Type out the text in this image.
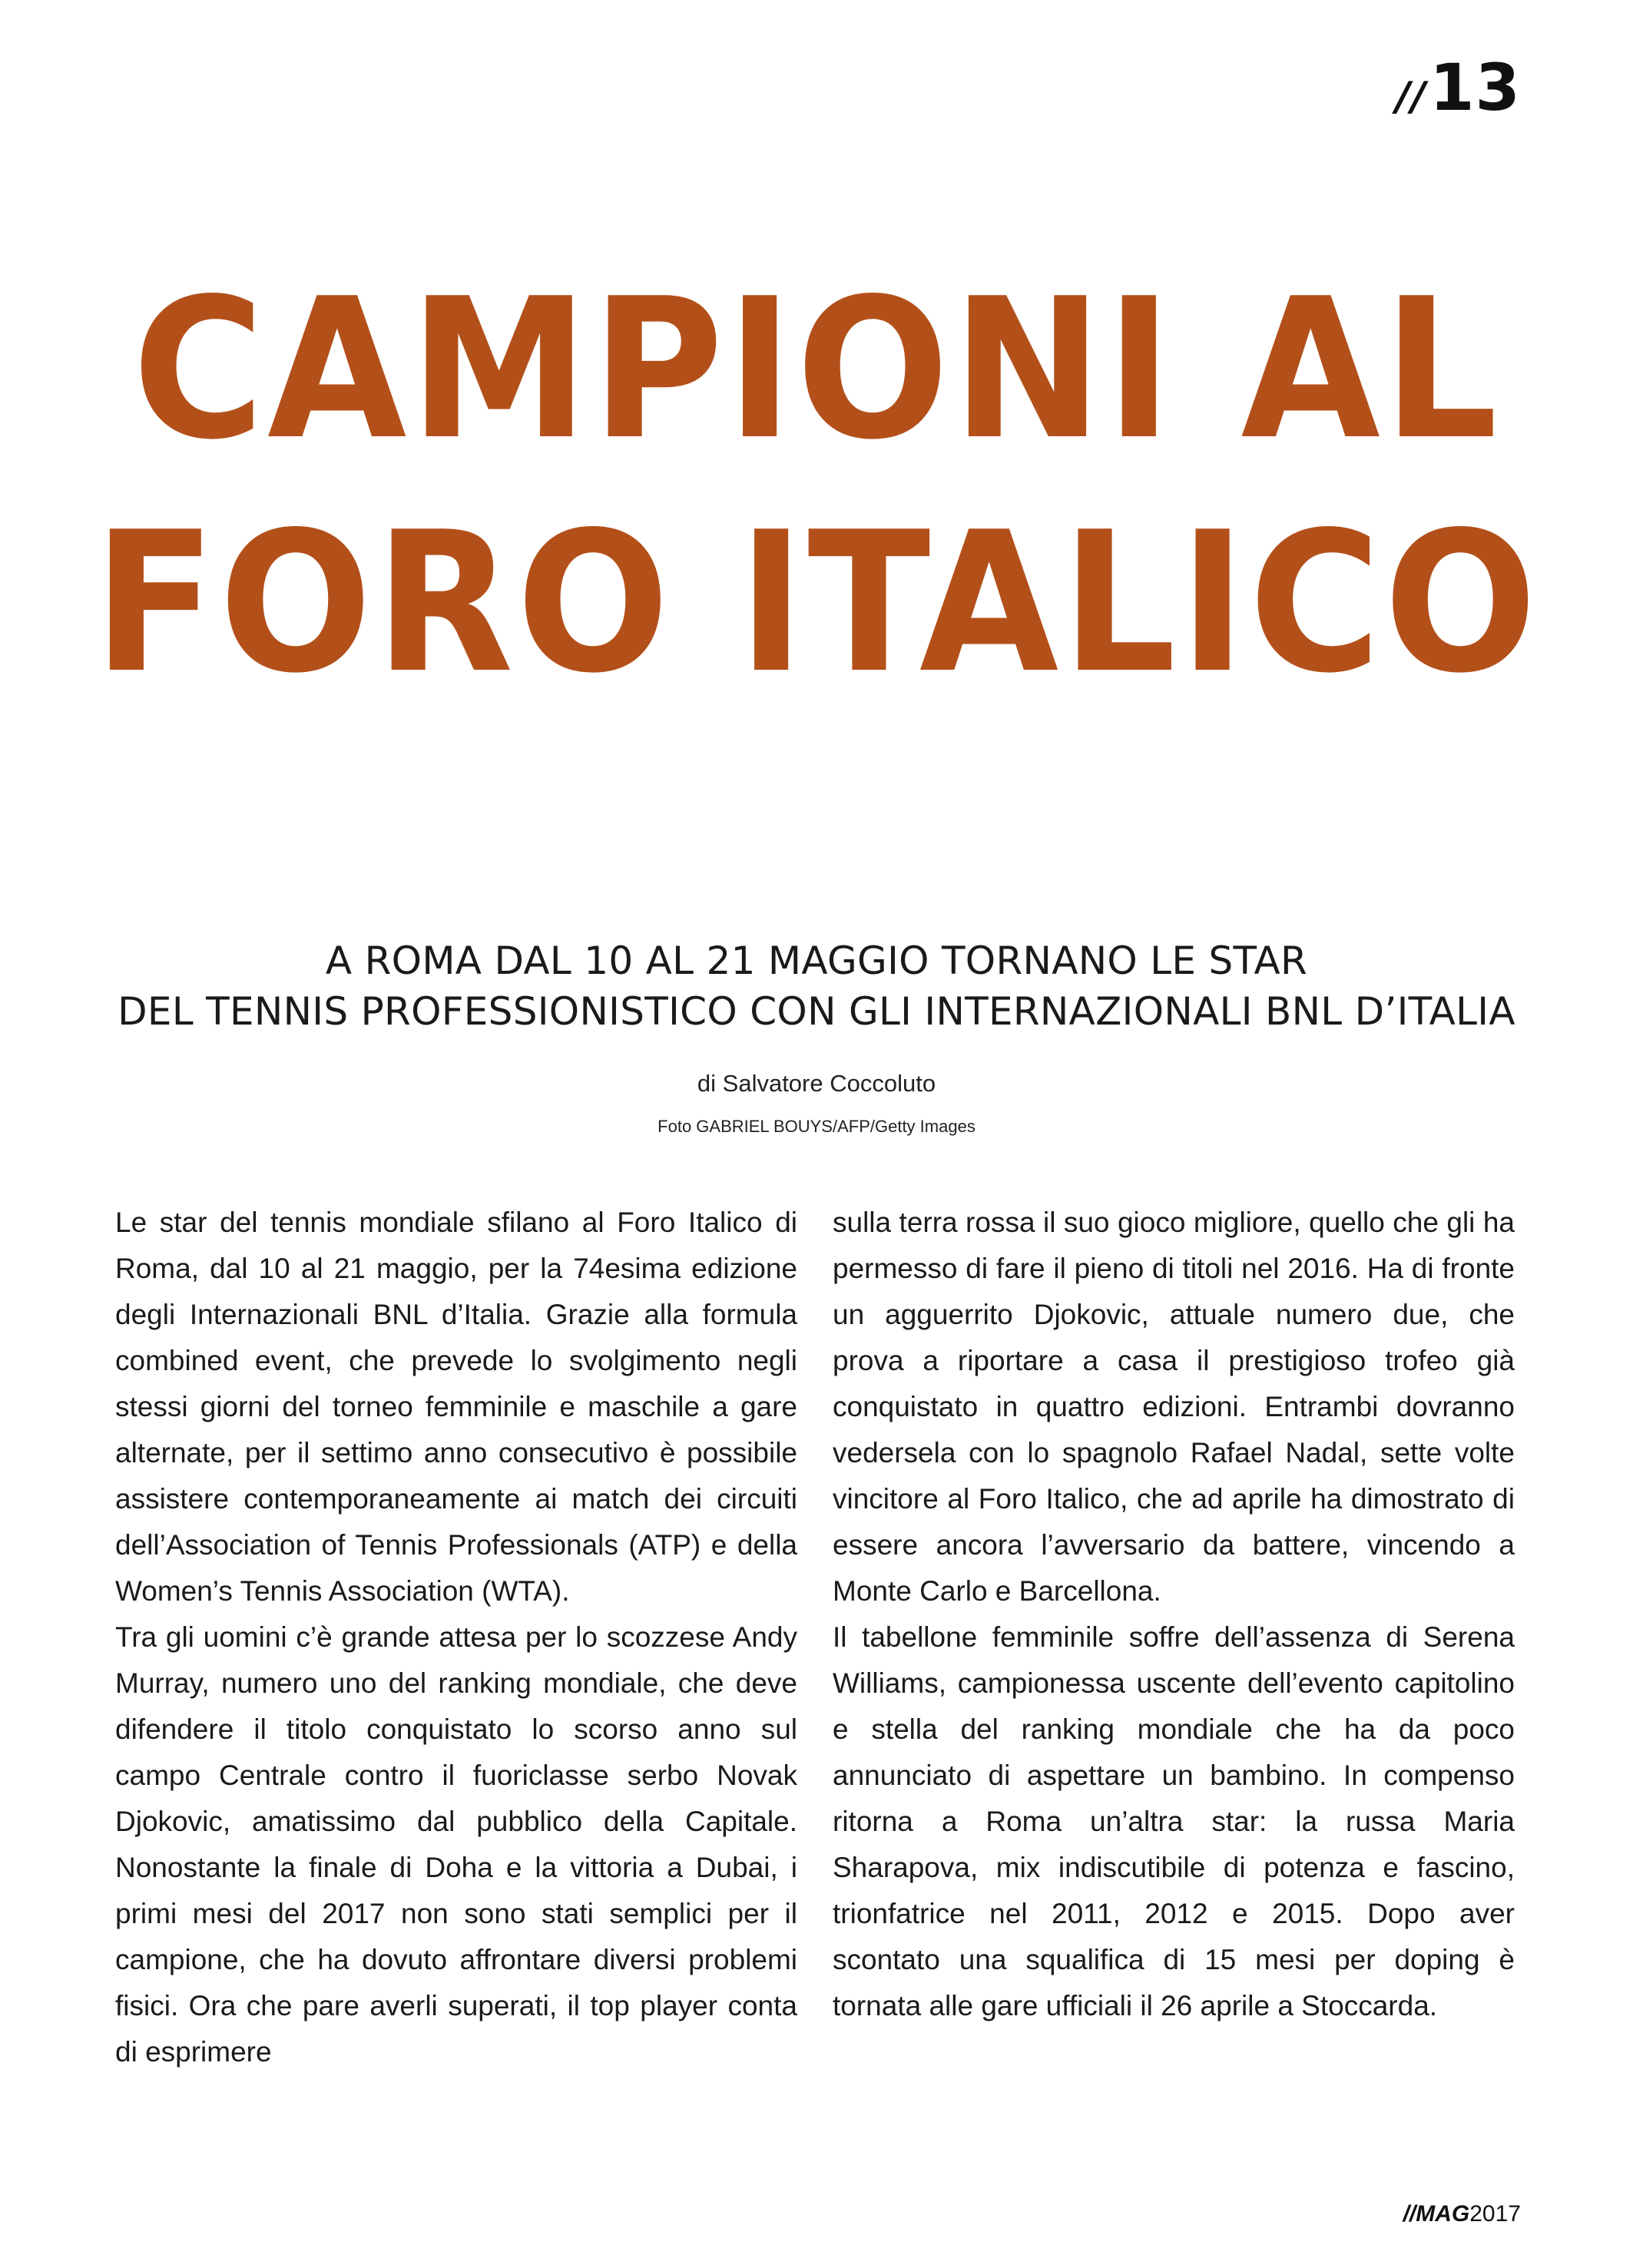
//13
CAMPIONI AL
FORO ITALICO
A ROMA DAL 10 AL 21 MAGGIO TORNANO LE STAR
DEL TENNIS PROFESSIONISTICO CON GLI INTERNAZIONALI BNL D’ITALIA
di Salvatore Coccoluto
Foto GABRIEL BOUYS/AFP/Getty Images

Le star del tennis mondiale sfilano al Foro Italico di Roma, dal 10 al 21 maggio, per la 74esima edizione degli Internazionali BNL d’Italia. Grazie alla formula combined event, che prevede lo svolgimento negli stessi giorni del torneo femminile e maschile a gare alternate, per il settimo anno consecutivo è possibile assistere contemporaneamente ai match dei circuiti dell’Association of Tennis Professionals (ATP) e della Women’s Tennis Association (WTA).

Tra gli uomini c’è grande attesa per lo scozzese Andy Murray, numero uno del ranking mondiale, che deve difendere il titolo conquistato lo scorso anno sul campo Centrale contro il fuoriclasse serbo Novak Djokovic, amatissimo dal pubblico della Capitale. Nonostante la finale di Doha e la vittoria a Dubai, i primi mesi del 2017 non sono stati semplici per il campione, che ha dovuto affrontare diversi problemi fisici. Ora che pare averli superati, il top player conta di esprimere

sulla terra rossa il suo gioco migliore, quello che gli ha permesso di fare il pieno di titoli nel 2016. Ha di fronte un agguerrito Djokovic, attuale numero due, che prova a riportare a casa il prestigioso trofeo già conquistato in quattro edizioni. Entrambi dovranno vedersela con lo spagnolo Rafael Nadal, sette volte vincitore al Foro Italico, che ad aprile ha dimostrato di essere ancora l’avversario da battere, vincendo a Monte Carlo e Barcellona.

Il tabellone femminile soffre dell’assenza di Serena Williams, campionessa uscente dell’evento capitolino e stella del ranking mondiale che ha da poco annunciato di aspettare un bambino. In compenso ritorna a Roma un’altra star: la russa Maria Sharapova, mix indiscutibile di potenza e fascino, trionfatrice nel 2011, 2012 e 2015. Dopo aver scontato una squalifica di 15 mesi per doping è tornata alle gare ufficiali il 26 aprile a Stoccarda.

//MAG2017
